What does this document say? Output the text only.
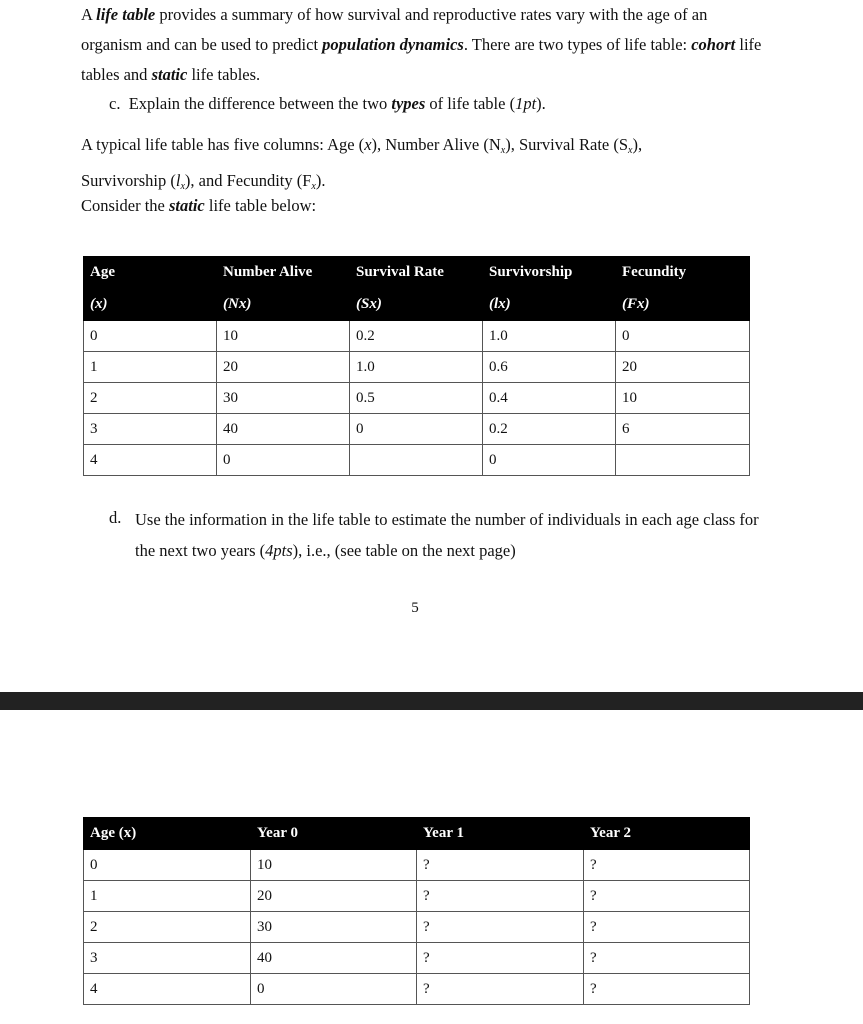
A life table provides a summary of how survival and reproductive rates vary with the age of an organism and can be used to predict population dynamics. There are two types of life table: cohort life tables and static life tables.
c. Explain the difference between the two types of life table (1pt).
A typical life table has five columns: Age (x), Number Alive $(N_x)$, Survival Rate $(S_x)$,
Survivorship $(l_x)$, and Fecundity $(F_x)$.
Consider the static life table below:
Age	Number Alive	Survival Rate	Survivorship	Fecundity
(x)	(Nx)	(Sx)	(lx)	(Fx)
0	10	0.2	1.0	0
1	20	1.0	0.6	20
2	30	0.5	0.4	10
3	40	0	0.2	6
4	0		0	
d. Use the information in the life table to estimate the number of individuals in each age class for the next two years (4pts), i.e., (see table on the next page)
5
Age (x)	Year 0	Year 1	Year 2
0	10	?	?
1	20	?	?
2	30	?	?
3	40	?	?
4	0	?	?
